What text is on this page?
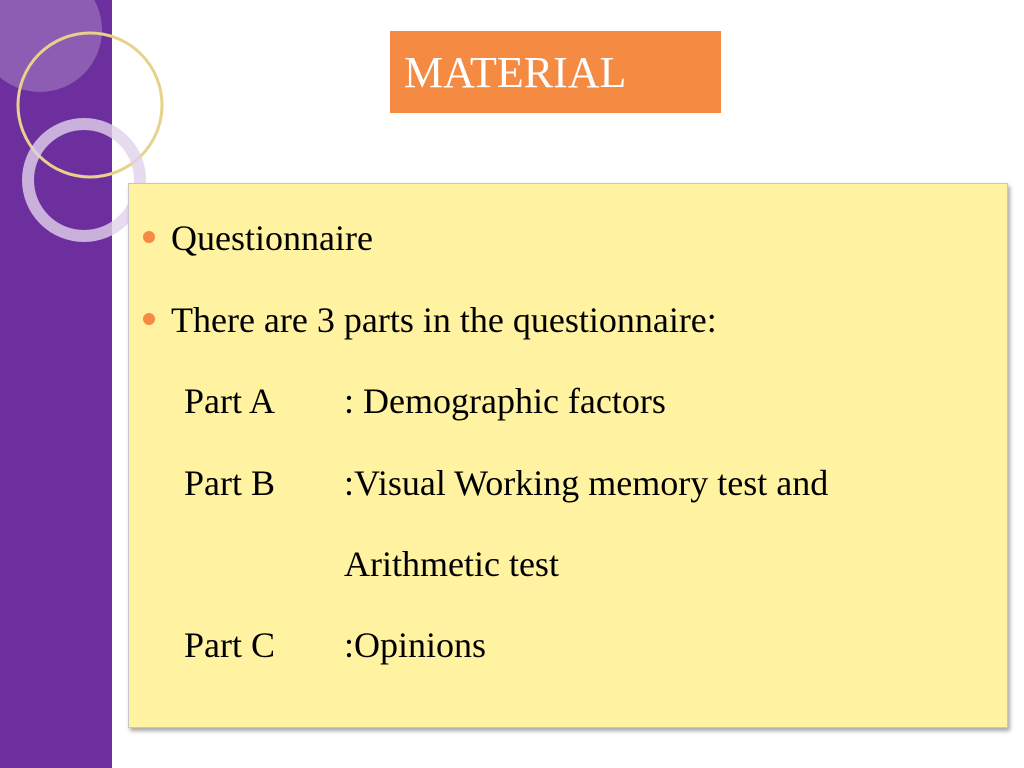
MATERIAL
Questionnaire
There are 3 parts in the questionnaire:
Part A : Demographic factors
Part B :Visual Working memory test and
Arithmetic test
Part C :Opinions
